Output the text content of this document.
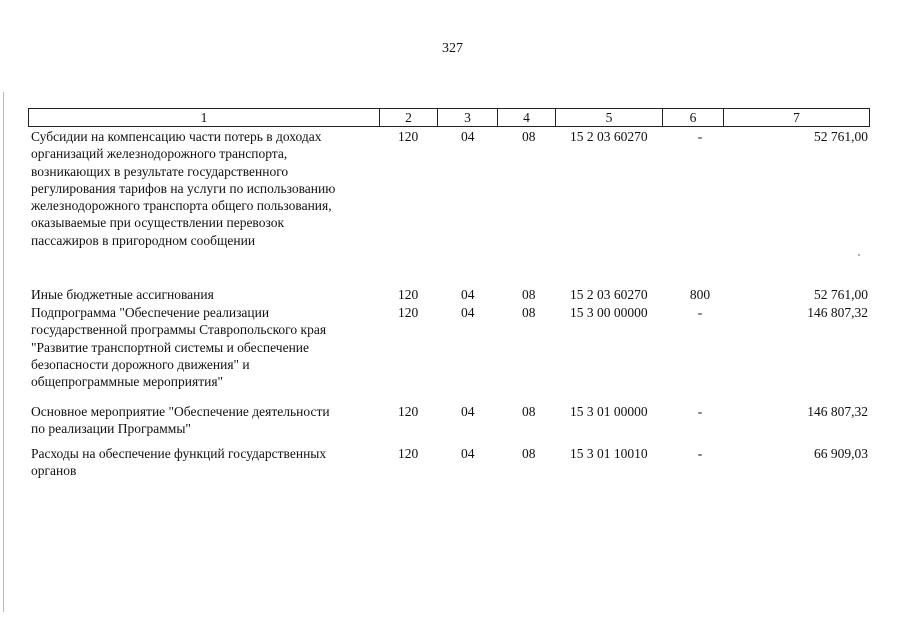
327
1	2	3	4	5	6	7
Субсидии на компенсацию части потерь в доходах
организаций железнодорожного транспорта,
возникающих в результате государственного
регулирования тарифов на услуги по использованию
железнодорожного транспорта общего пользования,
оказываемые при осуществлении перевозок
пассажиров в пригородном сообщении
120	04	08	15 2 03 60270	-	52 761,00
Иные бюджетные ассигнования	120	04	08	15 2 03 60270	800	52 761,00
Подпрограмма "Обеспечение реализации
государственной программы Ставропольского края
"Развитие транспортной системы и обеспечение
безопасности дорожного движения" и
общепрограммные мероприятия"
120	04	08	15 3 00 00000	-	146 807,32
Основное мероприятие "Обеспечение деятельности
по реализации Программы"
120	04	08	15 3 01 00000	-	146 807,32
Расходы на обеспечение функций государственных
органов
120	04	08	15 3 01 10010	-	66 909,03
